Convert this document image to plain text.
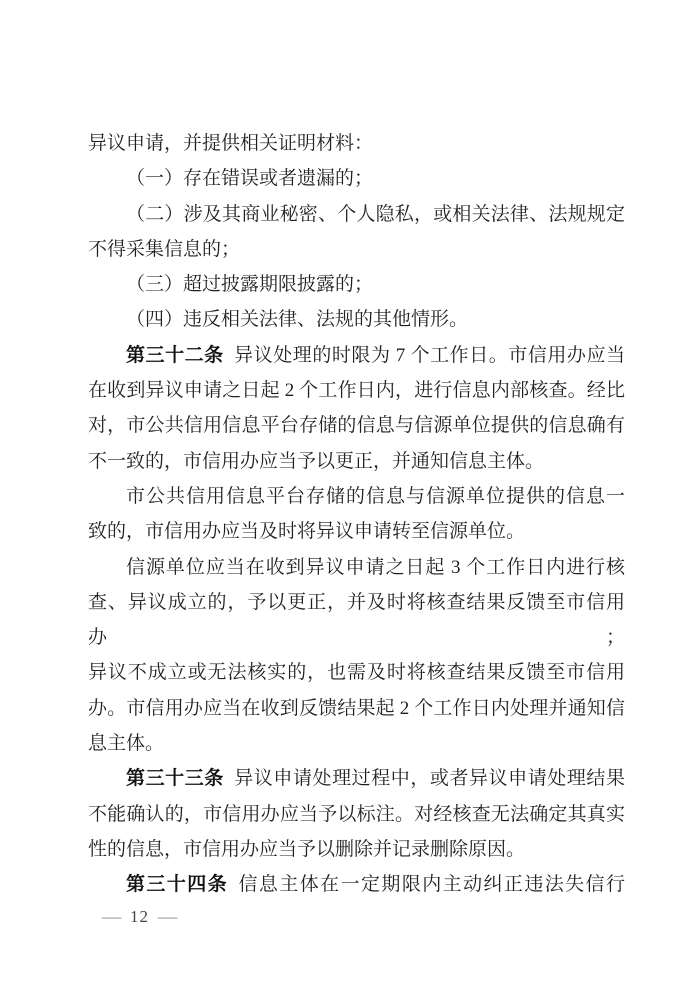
异议申请，并提供相关证明材料：
（一）存在错误或者遗漏的；
（二）涉及其商业秘密、个人隐私，或相关法律、法规规定
不得采集信息的；
（三）超过披露期限披露的；
（四）违反相关法律、法规的其他情形。
第三十二条 异议处理的时限为 7 个工作日。市信用办应当
在收到异议申请之日起 2 个工作日内，进行信息内部核查。经比
对，市公共信用信息平台存储的信息与信源单位提供的信息确有
不一致的，市信用办应当予以更正，并通知信息主体。
市公共信用信息平台存储的信息与信源单位提供的信息一
致的，市信用办应当及时将异议申请转至信源单位。
信源单位应当在收到异议申请之日起 3 个工作日内进行核
查、异议成立的，予以更正，并及时将核查结果反馈至市信用办；
异议不成立或无法核实的，也需及时将核查结果反馈至市信用
办。市信用办应当在收到反馈结果起 2 个工作日内处理并通知信
息主体。
第三十三条 异议申请处理过程中，或者异议申请处理结果
不能确认的，市信用办应当予以标注。对经核查无法确定其真实
性的信息，市信用办应当予以删除并记录删除原因。
第三十四条 信息主体在一定期限内主动纠正违法失信行
— 12 —
